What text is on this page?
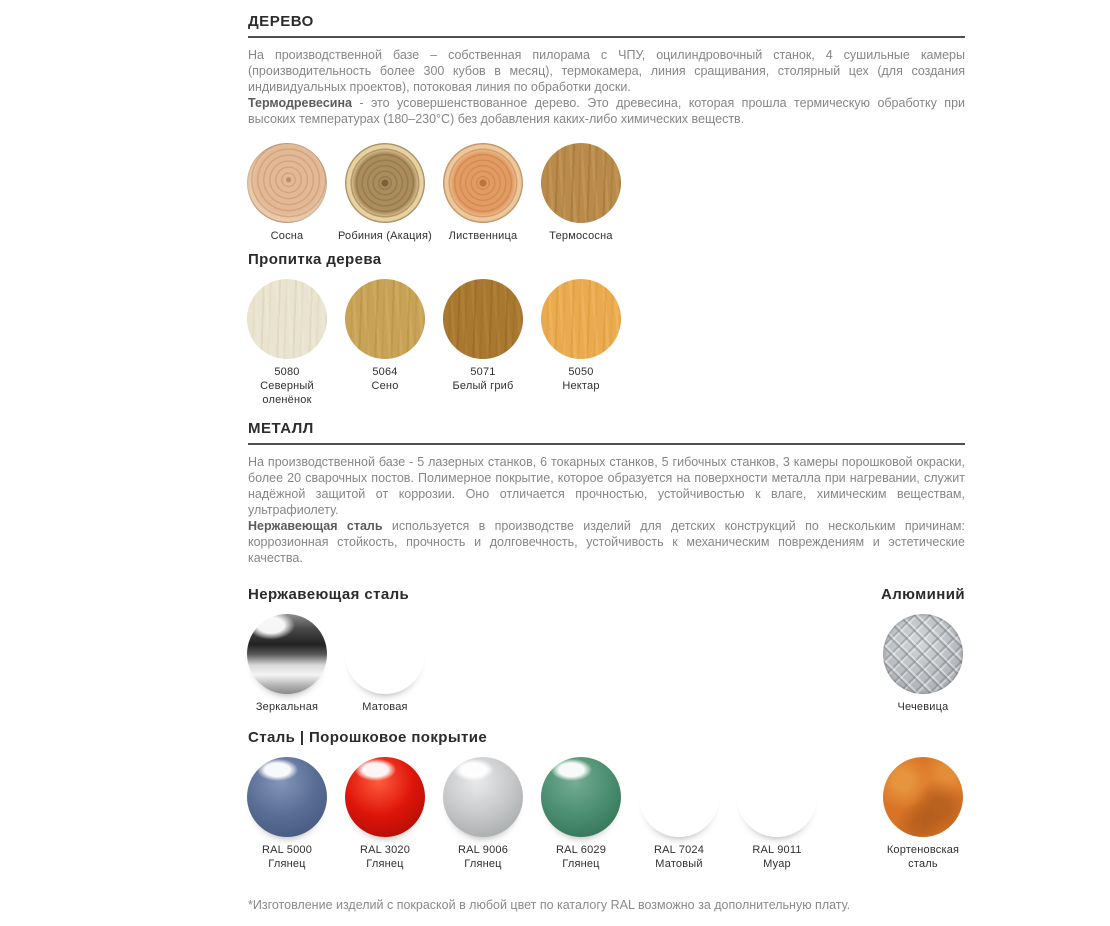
ДЕРЕВО

На производственной базе – собственная пилорама с ЧПУ, оцилиндровочный станок, 4 сушильные камеры (производительность более 300 кубов в месяц), термокамера, линия сращивания, столярный цех (для создания индивидуальных проектов), потоковая линия по обработки доски.

Термодревесина - это усовершенствованное дерево. Это древесина, которая прошла термическую обработку при высоких температурах (180–230°С) без добавления каких-либо химических веществ.

Сосна	Робиния (Акация) Лиственница	Термососна
Пропитка дерева
5080
Северный оленёнок
5064
Сено
5071
Белый гриб
5050
Нектар
МЕТАЛЛ

На производственной базе - 5 лазерных станков, 6 токарных станков, 5 гибочных станков, 3 камеры порошковой окраски, более 20 сварочных постов. Полимерное покрытие, которое образуется на поверхности металла при нагревании, служит надёжной защитой от коррозии. Оно отличается прочностью, устойчивостью к влаге, химическим веществам, ультрафиолету.

Нержавеющая сталь используется в производстве изделий для детских конструкций по нескольким причинам: коррозионная стойкость, прочность и долговечность, устойчивость к механическим повреждениям и эстетические качества.

Нержавеющая сталь
Зеркальная	Матовая
Алюминий
Чечевица
Сталь | Порошковое покрытие
RAL 5000
Глянец
RAL 3020
Глянец
RAL 9006
Глянец
RAL 6029
Глянец
RAL 7024
Матовый
RAL 9011
Муар
Кортеновская сталь

*Изготовление изделий с покраской в любой цвет по каталогу RAL возможно за дополнительную плату.
